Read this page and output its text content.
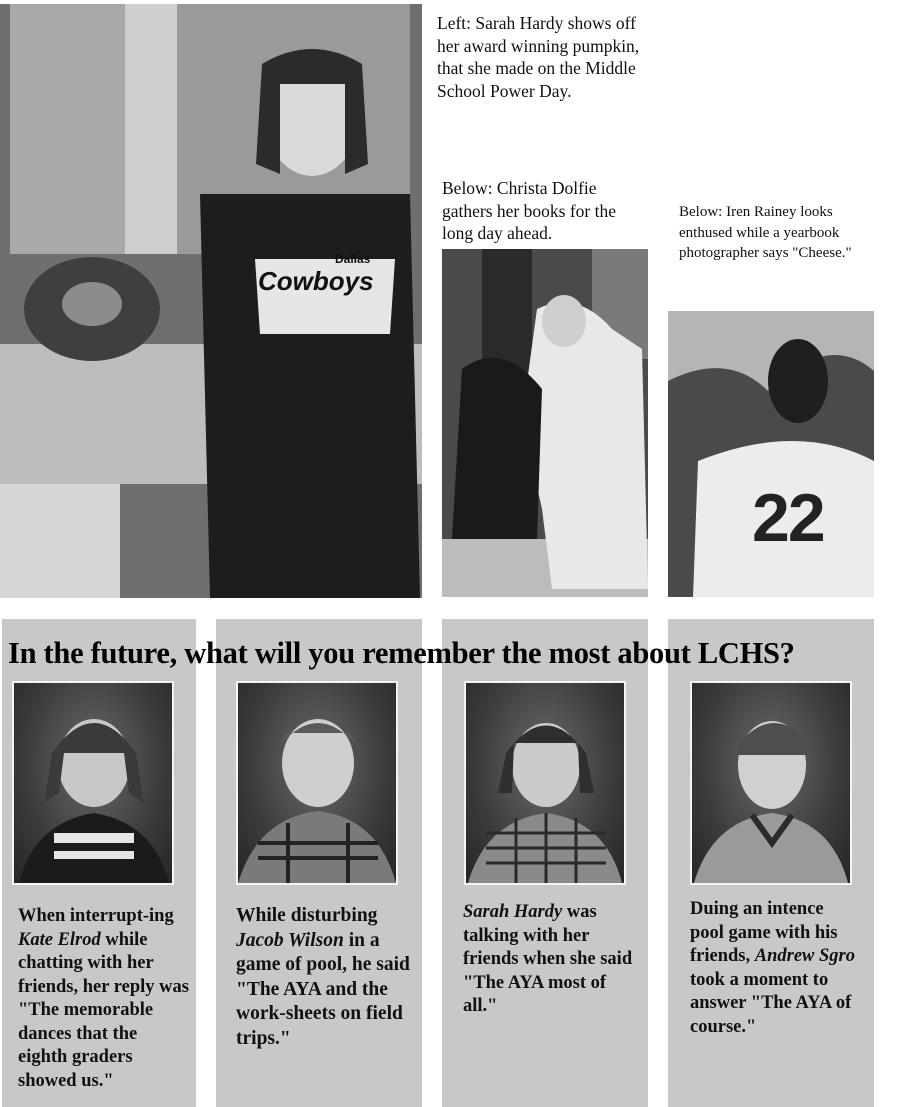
Dallas
Cowboys
Left: Sarah Hardy shows off her award winning pumpkin, that she made on the Middle School Power Day.
Below: Christa Dolfie gathers her books for the long day ahead.
Below: Iren Rainey looks enthused while a yearbook photographer says "Cheese."
22
In the future, what will you remember the most about LCHS?
When interrupt-ing Kate Elrod while chatting with her friends, her reply was "The memorable dances that the eighth graders showed us."
While disturbing Jacob Wilson in a game of pool, he said "The AYA and the work-sheets on field trips."
Sarah Hardy was talking with her friends when she said "The AYA most of all."
Duing an intence pool game with his friends, Andrew Sgro took a moment to answer "The AYA of course."
